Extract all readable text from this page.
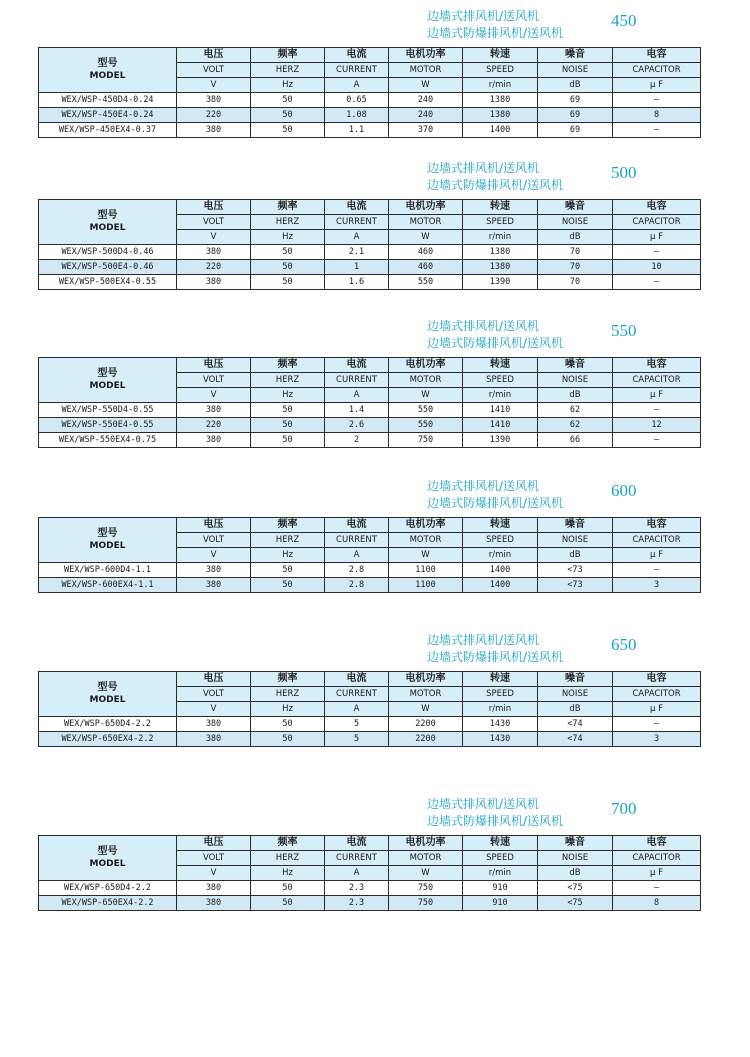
边墙式排风机/送风机
边墙式防爆排风机/送风机
450
型号
MODEL	电压	频率	电流	电机功率	转速	噪音	电容
	VOLT	HERZ	CURRENT	MOTOR	SPEED	NOISE	CAPACITOR
	V	Hz	A	W	r/min	dB	μ F
WEX/WSP-450D4-0.24	380	50	0.65	240	1380	69	–
WEX/WSP-450E4-0.24	220	50	1.08	240	1380	69	8
WEX/WSP-450EX4-0.37	380	50	1.1	370	1400	69	–
边墙式排风机/送风机
边墙式防爆排风机/送风机
500
型号
MODEL	电压	频率	电流	电机功率	转速	噪音	电容
	VOLT	HERZ	CURRENT	MOTOR	SPEED	NOISE	CAPACITOR
	V	Hz	A	W	r/min	dB	μ F
WEX/WSP-500D4-0.46	380	50	2.1	460	1380	70	–
WEX/WSP-500E4-0.46	220	50	1	460	1380	70	10
WEX/WSP-500EX4-0.55	380	50	1.6	550	1390	70	–
边墙式排风机/送风机
边墙式防爆排风机/送风机
550
型号
MODEL	电压	频率	电流	电机功率	转速	噪音	电容
	VOLT	HERZ	CURRENT	MOTOR	SPEED	NOISE	CAPACITOR
	V	Hz	A	W	r/min	dB	μ F
WEX/WSP-550D4-0.55	380	50	1.4	550	1410	62	–
WEX/WSP-550E4-0.55	220	50	2.6	550	1410	62	12
WEX/WSP-550EX4-0.75	380	50	2	750	1390	66	–
边墙式排风机/送风机
边墙式防爆排风机/送风机
600
型号
MODEL	电压	频率	电流	电机功率	转速	噪音	电容
	VOLT	HERZ	CURRENT	MOTOR	SPEED	NOISE	CAPACITOR
	V	Hz	A	W	r/min	dB	μ F
WEX/WSP-600D4-1.1	380	50	2.8	1100	1400	<73	–
WEX/WSP-600EX4-1.1	380	50	2.8	1100	1400	<73	3
边墙式排风机/送风机
边墙式防爆排风机/送风机
650
型号
MODEL	电压	频率	电流	电机功率	转速	噪音	电容
	VOLT	HERZ	CURRENT	MOTOR	SPEED	NOISE	CAPACITOR
	V	Hz	A	W	r/min	dB	μ F
WEX/WSP-650D4-2.2	380	50	5	2200	1430	<74	–
WEX/WSP-650EX4-2.2	380	50	5	2200	1430	<74	3
边墙式排风机/送风机
边墙式防爆排风机/送风机
700
型号
MODEL	电压	频率	电流	电机功率	转速	噪音	电容
	VOLT	HERZ	CURRENT	MOTOR	SPEED	NOISE	CAPACITOR
	V	Hz	A	W	r/min	dB	μ F
WEX/WSP-650D4-2.2	380	50	2.3	750	910	<75	–
WEX/WSP-650EX4-2.2	380	50	2.3	750	910	<75	8
